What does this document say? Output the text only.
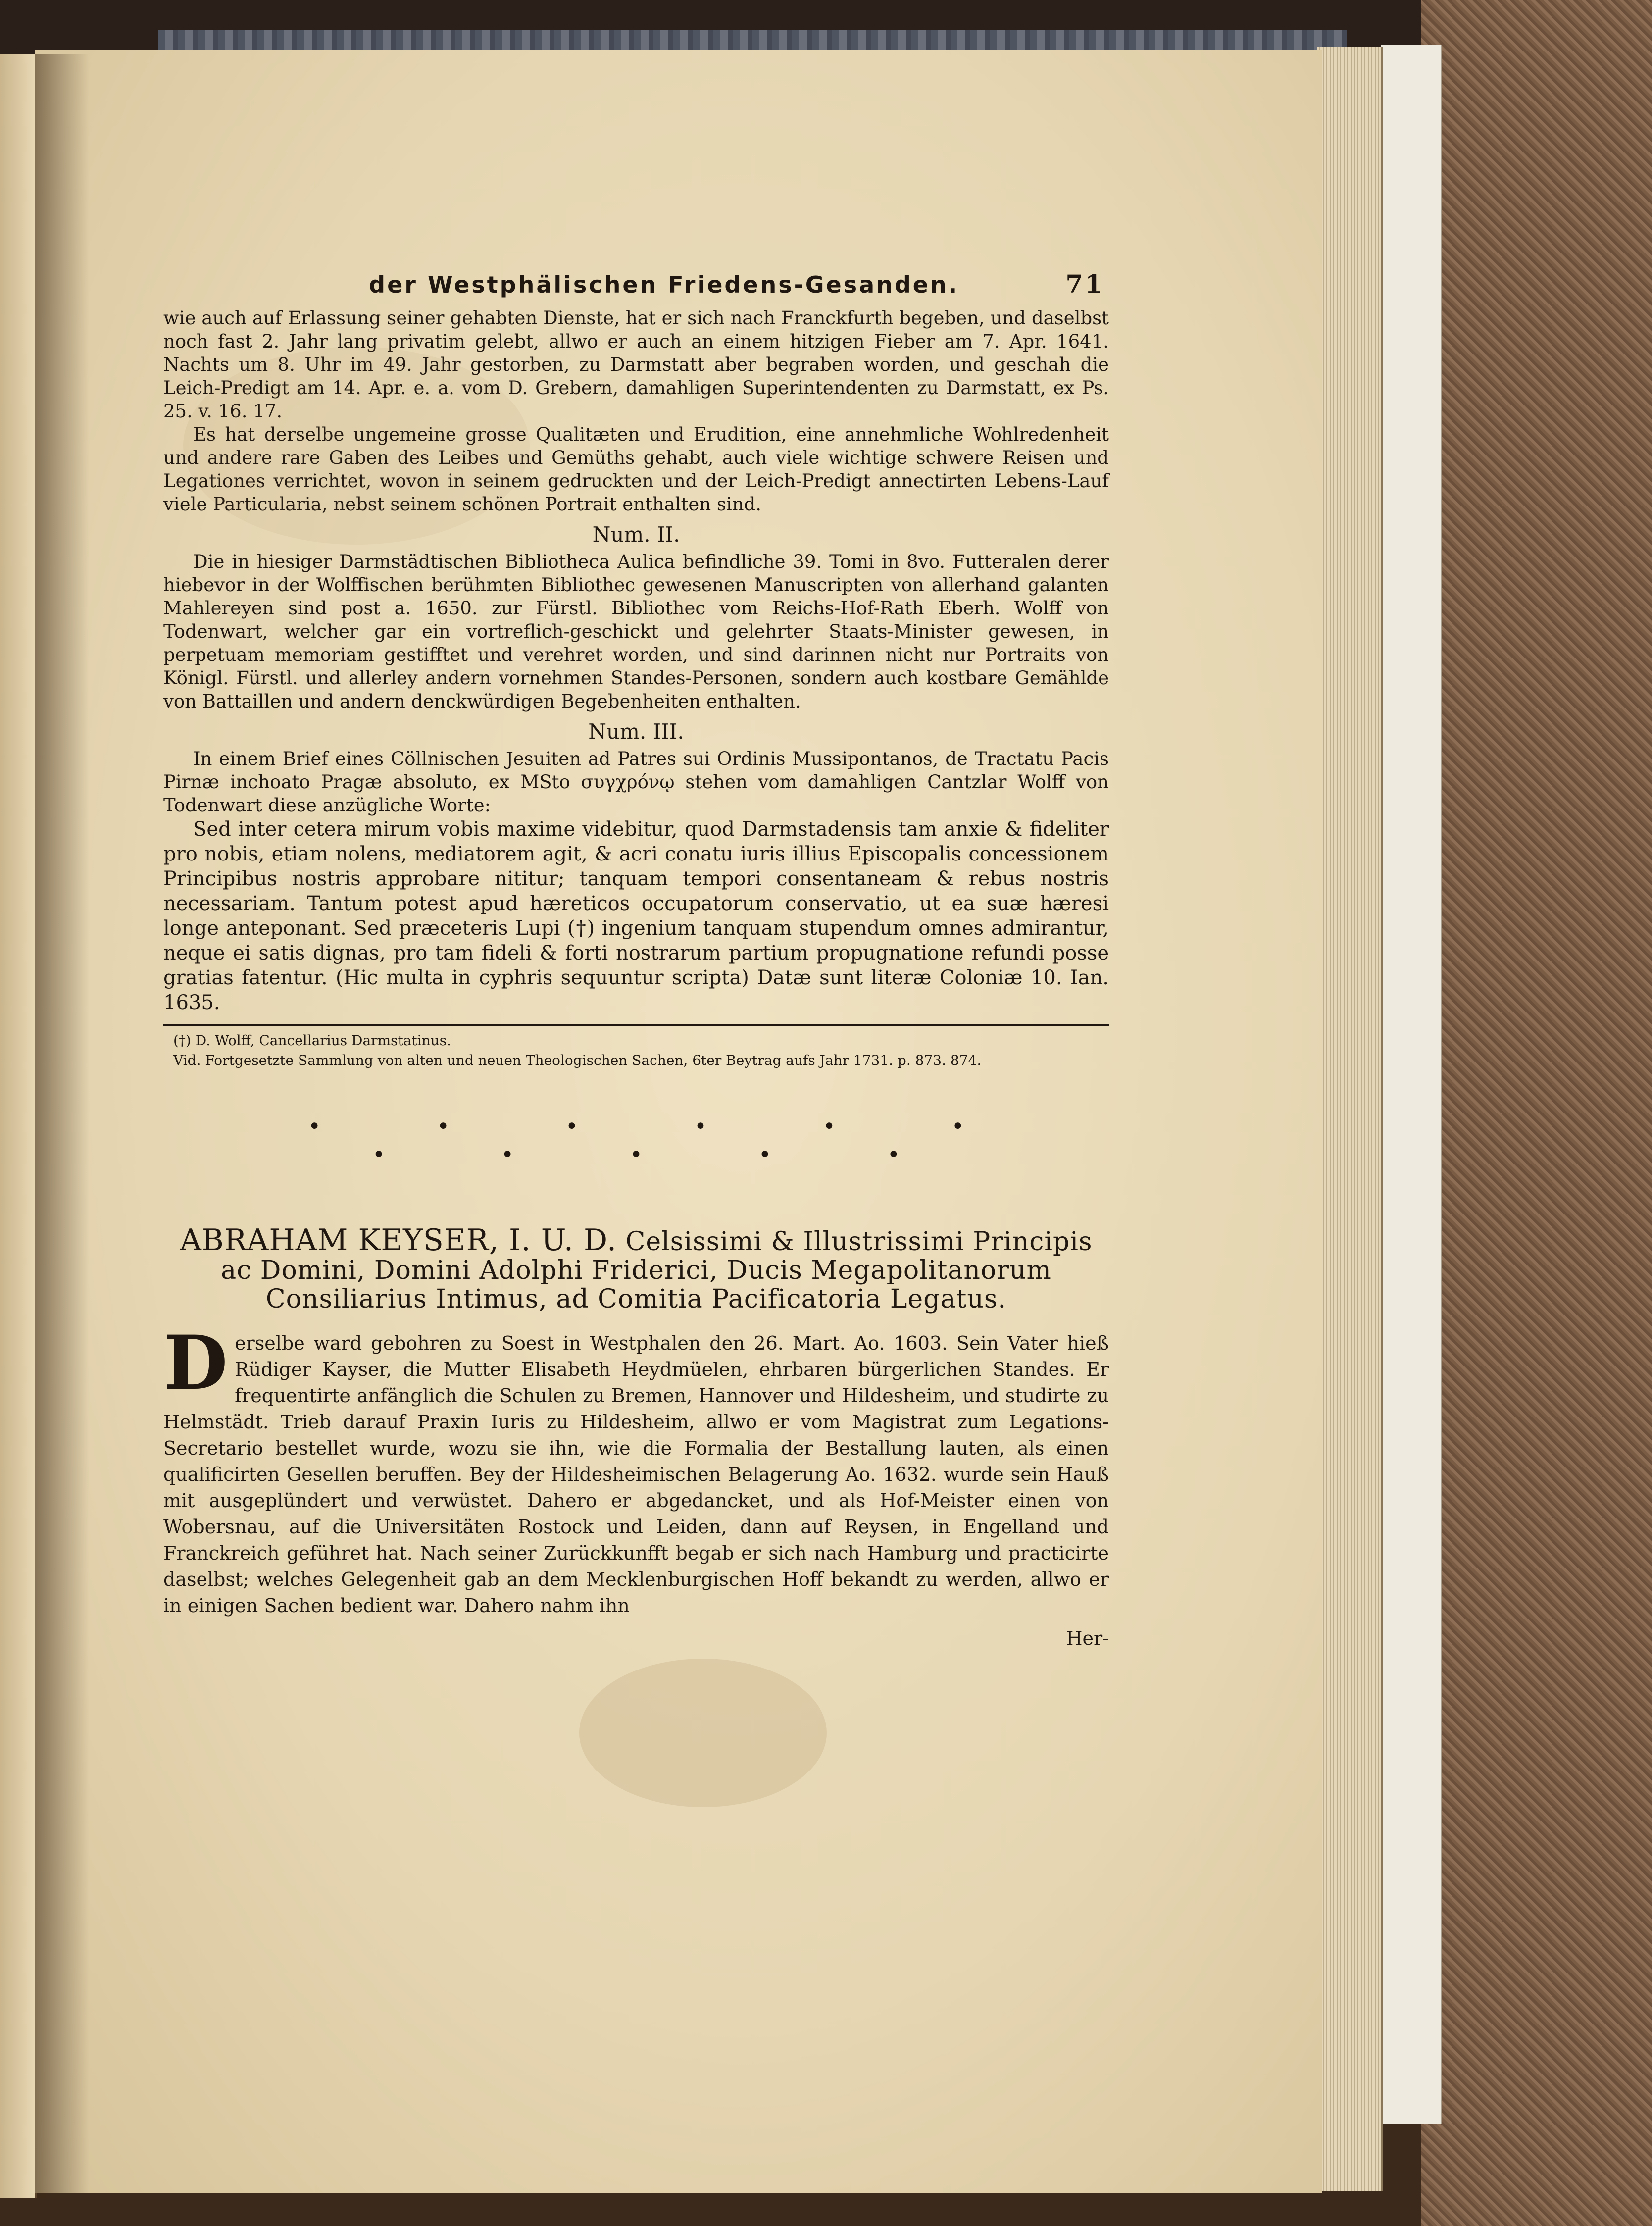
der Westphälischen Friedens-Gesanden.	71

wie auch auf Erlassung seiner gehabten Dienste, hat er sich nach Franckfurth begeben, und daselbst noch fast 2. Jahr lang privatim gelebt, allwo er auch an einem hitzigen Fieber am 7. Apr. 1641. Nachts um 8. Uhr im 49. Jahr gestorben, zu Darmstatt aber begraben worden, und geschah die Leich-Predigt am 14. Apr. e. a. vom D. Grebern, damahligen Superintendenten zu Darmstatt, ex Ps. 25. v. 16. 17.

Es hat derselbe ungemeine grosse Qualitæten und Erudition, eine annehmliche Wohlredenheit und andere rare Gaben des Leibes und Gemüths gehabt, auch viele wichtige schwere Reisen und Legationes verrichtet, wovon in seinem gedruckten und der Leich-Predigt annectirten Lebens-Lauf viele Particularia, nebst seinem schönen Portrait enthalten sind.

Num. II.

Die in hiesiger Darmstädtischen Bibliotheca Aulica befindliche 39. Tomi in 8vo. Futteralen derer hiebevor in der Wolffischen berühmten Bibliothec gewesenen Manuscripten von allerhand galanten Mahlereyen sind post a. 1650. zur Fürstl. Bibliothec vom Reichs-Hof-Rath Eberh. Wolff von Todenwart, welcher gar ein vortreflich-geschickt und gelehrter Staats-Minister gewesen, in perpetuam memoriam gestifftet und verehret worden, und sind darinnen nicht nur Portraits von Königl. Fürstl. und allerley andern vornehmen Standes-Personen, sondern auch kostbare Gemählde von Battaillen und andern denckwürdigen Begebenheiten enthalten.

Num. III.

In einem Brief eines Cöllnischen Jesuiten ad Patres sui Ordinis Mussipontanos, de Tractatu Pacis Pirnæ inchoato Pragæ absoluto, ex MSto συγχρόνῳ stehen vom damahligen Cantzlar Wolff von Todenwart diese anzügliche Worte:

Sed inter cetera mirum vobis maxime videbitur, quod Darmstadensis tam anxie & fideliter pro nobis, etiam nolens, mediatorem agit, & acri conatu iuris illius Episcopalis concessionem Principibus nostris approbare nititur; tanquam tempori consentaneam & rebus nostris necessariam. Tantum potest apud hæreticos occupatorum conservatio, ut ea suæ hæresi longe anteponant. Sed præceteris Lupi (†) ingenium tanquam stupendum omnes admirantur, neque ei satis dignas, pro tam fideli & forti nostrarum partium propugnatione refundi posse gratias fatentur. (Hic multa in cyphris sequuntur scripta) Datæ sunt literæ Coloniæ 10. Ian. 1635.

(†) D. Wolff, Cancellarius Darmstatinus.

Vid. Fortgesetzte Sammlung von alten und neuen Theologischen Sachen, 6ter Beytrag aufs Jahr 1731. p. 873. 874.

• • • • • •
• • • • •
ABRAHAM KEYSER, I. U. D. Celsissimi & Illustrissimi Principis ac Domini, Domini Adolphi Friderici, Ducis Megapolitanorum Consiliarius Intimus, ad Comitia Pacificatoria Legatus.

Derselbe ward gebohren zu Soest in Westphalen den 26. Mart. Ao. 1603. Sein Vater hieß Rüdiger Kayser, die Mutter Elisabeth Heydmüelen, ehrbaren bürgerlichen Standes. Er frequentirte anfänglich die Schulen zu Bremen, Hannover und Hildesheim, und studirte zu Helmstädt. Trieb darauf Praxin Iuris zu Hildesheim, allwo er vom Magistrat zum Legations-Secretario bestellet wurde, wozu sie ihn, wie die Formalia der Bestallung lauten, als einen qualificirten Gesellen beruffen. Bey der Hildesheimischen Belagerung Ao. 1632. wurde sein Hauß mit ausgeplündert und verwüstet. Dahero er abgedancket, und als Hof-Meister einen von Wobersnau, auf die Universitäten Rostock und Leiden, dann auf Reysen, in Engelland und Franckreich geführet hat. Nach seiner Zurückkunfft begab er sich nach Hamburg und practicirte daselbst; welches Gelegenheit gab an dem Mecklenburgischen Hoff bekandt zu werden, allwo er in einigen Sachen bedient war. Dahero nahm ihn

Her-
